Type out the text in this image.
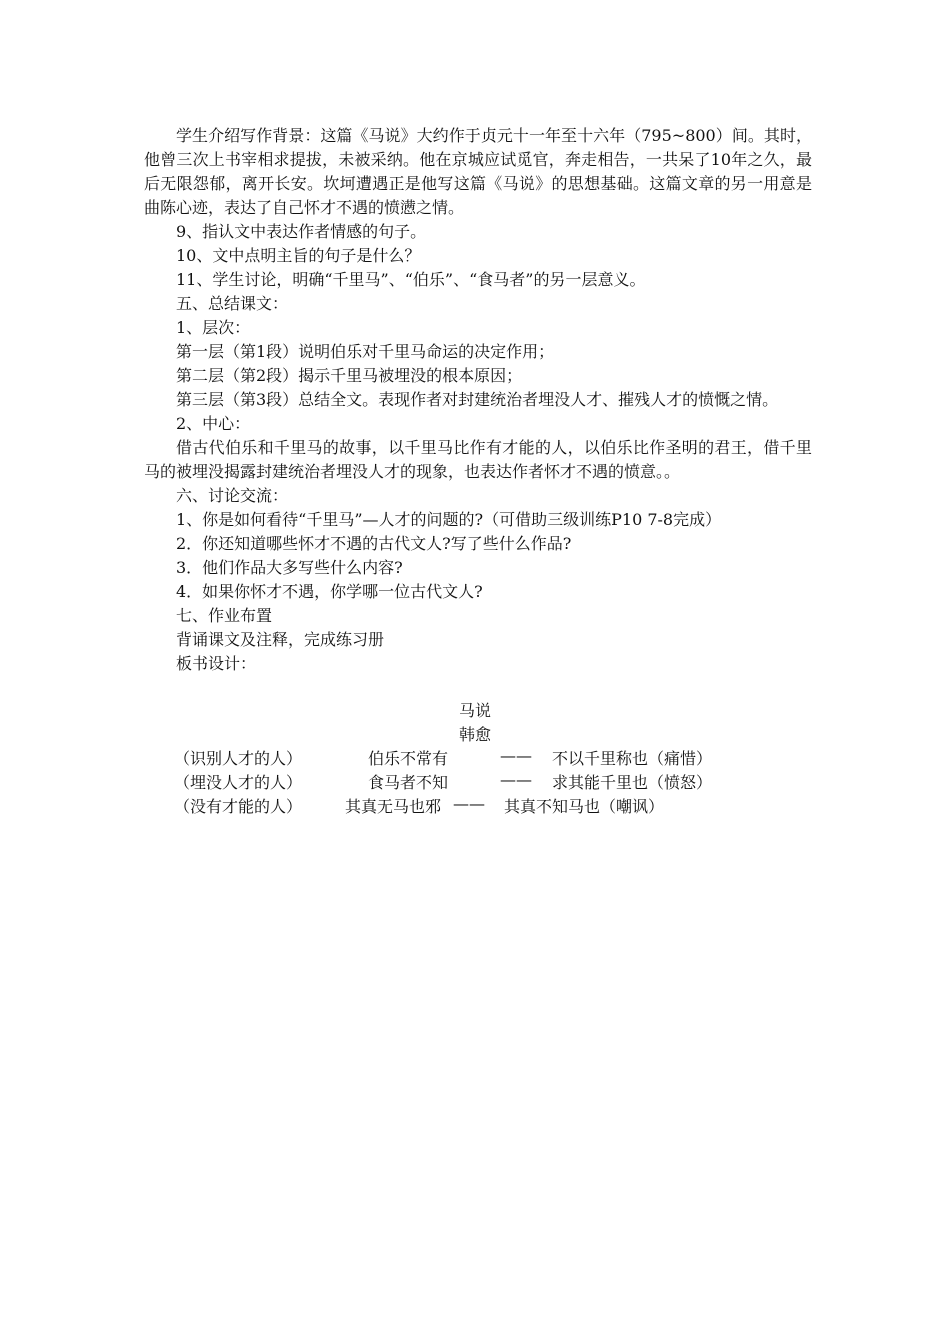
学生介绍写作背景：这篇《马说》大约作于贞元十一年至十六年（795~800）间。其时，他曾三次上书宰相求提拔，未被采纳。他在京城应试觅官，奔走相告，一共呆了10年之久，最后无限怨郁，离开长安。坎坷遭遇正是他写这篇《马说》的思想基础。这篇文章的另一用意是曲陈心迹，表达了自己怀才不遇的愤懑之情。

9、指认文中表达作者情感的句子。

10、文中点明主旨的句子是什么？

11、学生讨论，明确“千里马”、“伯乐”、“食马者”的另一层意义。

五、总结课文：

1、层次：

第一层（第1段）说明伯乐对千里马命运的决定作用；

第二层（第2段）揭示千里马被埋没的根本原因；

第三层（第3段）总结全文。表现作者对封建统治者埋没人才、摧残人才的愤慨之情。

2、中心：

借古代伯乐和千里马的故事，以千里马比作有才能的人，以伯乐比作圣明的君王，借千里马的被埋没揭露封建统治者埋没人才的现象，也表达作者怀才不遇的愤意。。

六、讨论交流：

1、你是如何看待“千里马”—人才的问题的?（可借助三级训练P10 7-8完成）

2．你还知道哪些怀才不遇的古代文人?写了些什么作品?

3．他们作品大多写些什么内容?

4．如果你怀才不遇，你学哪一位古代文人?

七、作业布置

背诵课文及注释，完成练习册

板书设计：

马说
韩愈
（识别人才的人）	伯乐不常有	—— 不以千里称也（痛惜）
（埋没人才的人）	食马者不知	—— 求其能千里也（愤怒）
（没有才能的人）	其真无马也邪 —— 其真不知马也（嘲讽）
